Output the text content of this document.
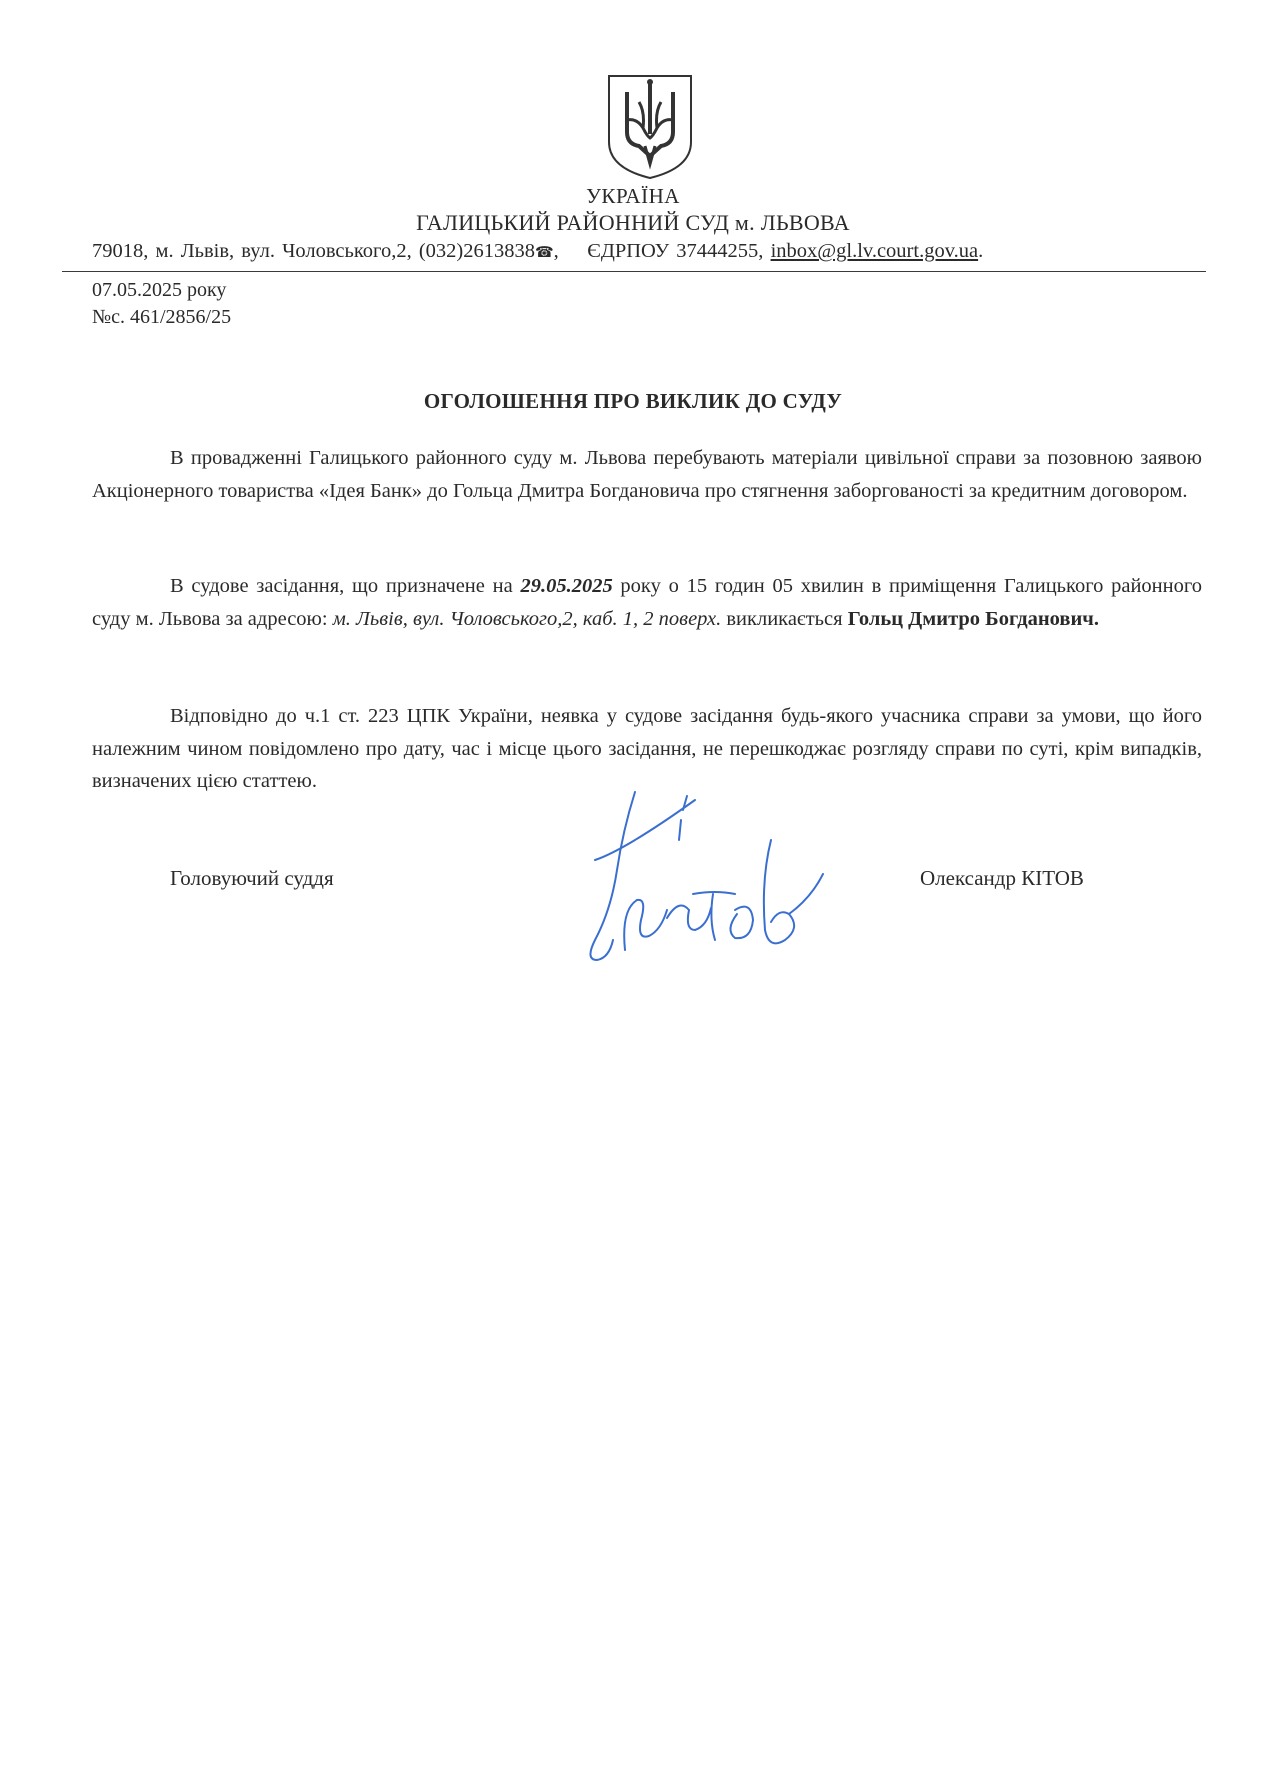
УКРАЇНА
ГАЛИЦЬКИЙ РАЙОННИЙ СУД м. ЛЬВОВА
79018, м. Львів, вул. Чоловського,2, (032)2613838☎,    ЄДРПОУ 37444255, inbox@gl.lv.court.gov.ua.
07.05.2025 року
№с. 461/2856/25
ОГОЛОШЕННЯ ПРО ВИКЛИК ДО СУДУ
В провадженні Галицького районного суду м. Львова перебувають матеріали цивільної справи за позовною заявою Акціонерного товариства «Ідея Банк» до Гольца Дмитра Богдановича про стягнення заборгованості за кредитним договором.
В судове засідання, що призначене на 29.05.2025 року о 15 годин 05 хвилин в приміщення Галицького районного суду м. Львова за адресою: м. Львів, вул. Чоловського,2, каб. 1, 2 поверх. викликається Гольц Дмитро Богданович.
Відповідно до ч.1 ст. 223 ЦПК України, неявка у судове засідання будь-якого учасника справи за умови, що його належним чином повідомлено про дату, час і місце цього засідання, не перешкоджає розгляду справи по суті, крім випадків, визначених цією статтею.
Головуючий суддя	Олександр КІТОВ
